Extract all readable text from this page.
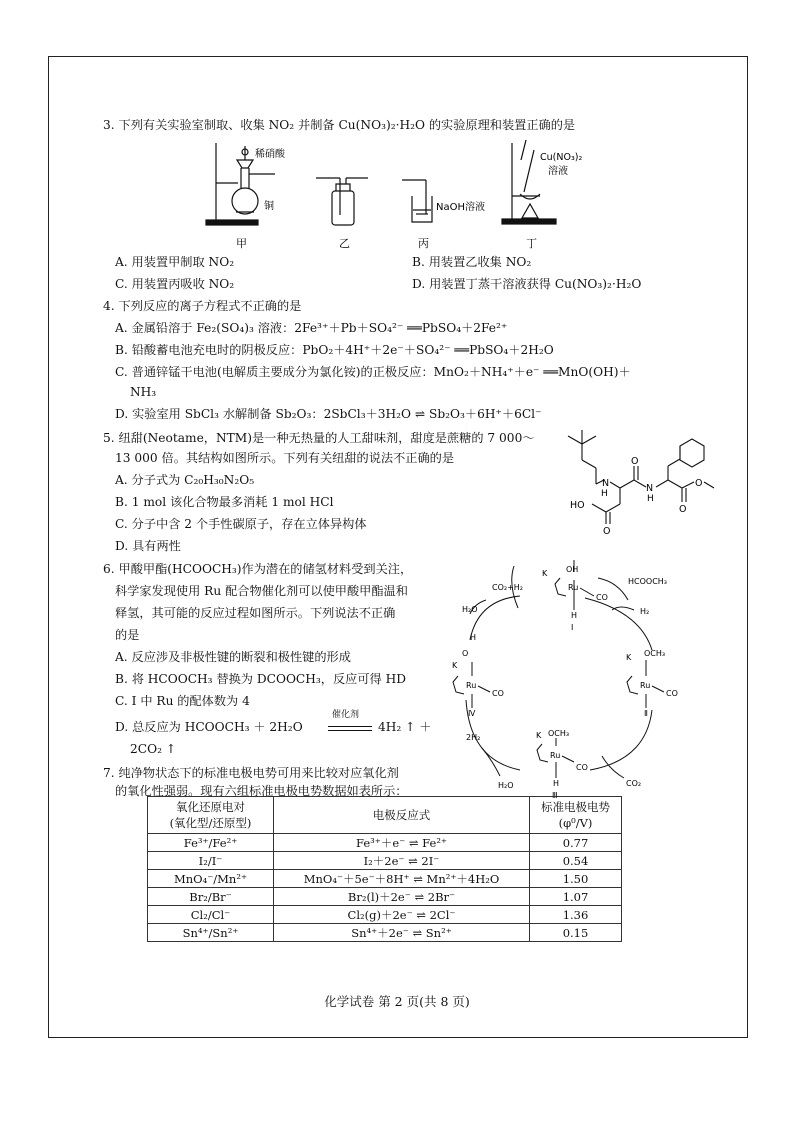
3. 下列有关实验室制取、收集 NO₂ 并制备 Cu(NO₃)₂·H₂O 的实验原理和装置正确的是
稀硝酸
铜	NaOH溶液
Cu(NO₃)₂
溶液
甲	乙	丙	丁
A. 用装置甲制取 NO₂	B. 用装置乙收集 NO₂
C. 用装置丙吸收 NO₂	D. 用装置丁蒸干溶液获得 Cu(NO₃)₂·H₂O
4. 下列反应的离子方程式不正确的是
A. 金属铅溶于 Fe₂(SO₄)₃ 溶液：2Fe³⁺＋Pb＋SO₄²⁻ ══PbSO₄＋2Fe²⁺
B. 铅酸蓄电池充电时的阴极反应：PbO₂＋4H⁺＋2e⁻＋SO₄²⁻ ══PbSO₄＋2H₂O
C. 普通锌锰干电池(电解质主要成分为氯化铵)的正极反应：MnO₂＋NH₄⁺＋e⁻ ══MnO(OH)＋
NH₃
D. 实验室用 SbCl₃ 水解制备 Sb₂O₃：2SbCl₃＋3H₂O ⇌ Sb₂O₃＋6H⁺＋6Cl⁻
5. 纽甜(Neotame，NTM)是一种无热量的人工甜味剂，甜度是蔗糖的 7 000～
13 000 倍。其结构如图所示。下列有关纽甜的说法不正确的是
A. 分子式为 C₂₀H₃₀N₂O₅
B. 1 mol 该化合物最多消耗 1 mol HCl
C. 分子中含 2 个手性碳原子，存在立体异构体
D. 具有两性
N
H
O
N
H
O
O
HO
O
6. 甲酸甲酯(HCOOCH₃)作为潜在的储氢材料受到关注，
科学家发现使用 Ru 配合物催化剂可以使甲酸甲酯温和
释氢，其可能的反应过程如图所示。下列说法不正确
的是
A. 反应涉及非极性键的断裂和极性键的形成
B. 将 HCOOCH₃ 替换为 DCOOCH₃，反应可得 HD
C. Ⅰ 中 Ru 的配体数为 4
D. 总反应为 HCOOCH₃ ＋ 2H₂O
催化剂
4H₂ ↑ ＋
2CO₂ ↑
OH
K
Ru
CO
H
Ⅰ
CO₂+H₂
HCOOCH₃
H₂
OCH₃
K
Ru
CO
Ⅱ
OCH₃
K
Ru
CO
H
Ⅲ
CO₂
H
O
K
Ru
CO
Ⅳ
H₂O
2H₂
H₂O
7. 纯净物状态下的标准电极电势可用来比较对应氧化剂
的氧化性强弱。现有六组标准电极电势数据如表所示：
氧化还原电对
(氧化型/还原型)	电极反应式	标准电极电势
(φ⁰/V)
Fe³⁺/Fe²⁺	Fe³⁺＋e⁻ ⇌ Fe²⁺	0.77
I₂/I⁻	I₂＋2e⁻ ⇌ 2I⁻	0.54
MnO₄⁻/Mn²⁺	MnO₄⁻＋5e⁻＋8H⁺ ⇌ Mn²⁺＋4H₂O	1.50
Br₂/Br⁻	Br₂(l)＋2e⁻ ⇌ 2Br⁻	1.07
Cl₂/Cl⁻	Cl₂(g)＋2e⁻ ⇌ 2Cl⁻	1.36
Sn⁴⁺/Sn²⁺	Sn⁴⁺＋2e⁻ ⇌ Sn²⁺	0.15
化学试卷 第 2 页(共 8 页)
